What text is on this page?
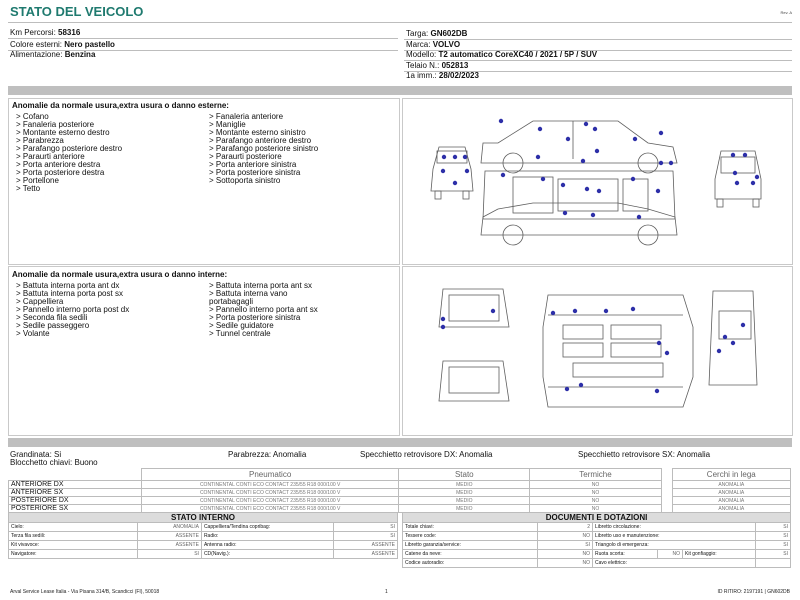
STATO DEL VEICOLO	Rev. A
Km Percorsi: 58316
Colore esterni: Nero pastello
Alimentazione: Benzina
Targa: GN602DB
Marca: VOLVO
Modello: T2 automatico CoreXC40 / 2021 / 5P / SUV
Telaio N.: 052813
1a imm.: 28/02/2023
Anomalie da normale usura,extra usura o danno esterne:
> Cofano
> Fanaleria posteriore
> Montante esterno destro
> Parabrezza
> Parafango posteriore destro
> Paraurti anteriore
> Porta anteriore destra
> Porta posteriore destra
> Portellone
> Tetto
> Fanaleria anteriore
> Maniglie
> Montante esterno sinistro
> Parafango anteriore destro
> Parafango posteriore sinistro
> Paraurti posteriore
> Porta anteriore sinistra
> Porta posteriore sinistra
> Sottoporta sinistro
Anomalie da normale usura,extra usura o danno interne:
> Battuta interna porta ant dx
> Battuta interna porta post sx
> Cappelliera
> Pannello interno porta post dx
> Seconda fila sedili
> Sedile passeggero
> Volante
> Battuta interna porta ant sx
> Battuta interna vano
portabagagli
> Pannello interno porta ant sx
> Porta posteriore sinistra
> Sedile guidatore
> Tunnel centrale
Grandinata: Si	Parabrezza: Anomalia	Specchietto retrovisore DX: Anomalia	Specchietto retrovisore SX: Anomalia
Blocchetto chiavi: Buono
	Pneumatico	Stato	Termiche		Cerchi in lega
ANTERIORE DX	CONTINENTAL CONTI ECO CONTACT 235/55 R18 000/100 V	MEDIO	NO		ANOMALIA
ANTERIORE SX	CONTINENTAL CONTI ECO CONTACT 235/55 R18 000/100 V	MEDIO	NO		ANOMALIA
POSTERIORE DX	CONTINENTAL CONTI ECO CONTACT 235/55 R18 000/100 V	MEDIO	NO		ANOMALIA
POSTERIORE SX	CONTINENTAL CONTI ECO CONTACT 235/55 R18 000/100 V	MEDIO	NO		ANOMALIA
STATO INTERNO
Cielo:	ANOMALIA	Cappelliera/Tendina copribag:	SI
Terza fila sedili:	ASSENTE	Radio:	SI
Kit vivavoce:	ASSENTE	Antenna radio:	ASSENTE
Navigatore:	SI	CD(Navig.):	ASSENTE
DOCUMENTI E DOTAZIONI
Totale chiavi:	2	Libretto circolazione:			SI
Tessere code:	NO	Libretto uso e manutenzione:			SI
Libretto garanzia/service:	SI	Triangolo di emergenza:			SI
Catene da neve:	NO	Ruota scorta:	NO	Kit gonfiaggio:	SI
Codice autoradio:	NO	Cavo elettrico:			
Arval Service Lease Italia - Via Pisana 314/B, Scandicci (FI), 50018	1	ID RITIRO: 2197191 | GN602DB
